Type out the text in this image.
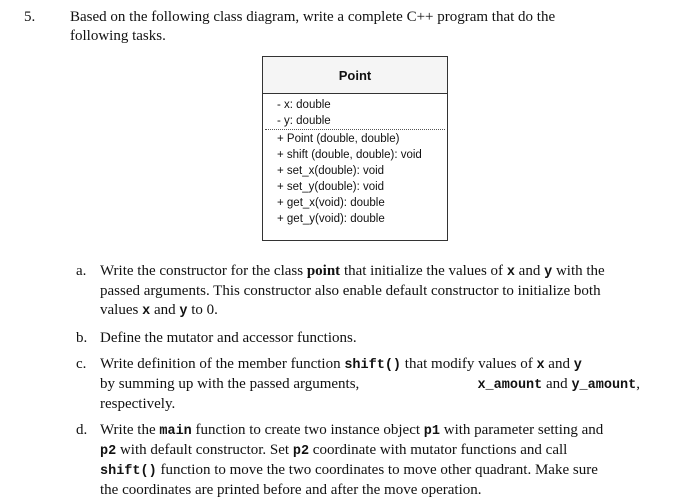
5. Based on the following class diagram, write a complete C++ program that do the
following tasks.
Point
- x: double
- y: double
+ Point (double, double)
+ shift (double, double): void
+ set_x(double): void
+ set_y(double): void
+ get_x(void): double
+ get_y(void): double
a. Write the constructor for the class point that initialize the values of x and y with the
passed arguments. This constructor also enable default constructor to initialize both
values x and y to 0.
b. Define the mutator and accessor functions.
c. Write definition of the member function shift() that modify values of x and y
by summing up with the passed arguments,	x_amount and y_amount,
respectively.
d. Write the main function to create two instance object p1 with parameter setting and
p2 with default constructor. Set p2 coordinate with mutator functions and call
shift() function to move the two coordinates to move other quadrant. Make sure
the coordinates are printed before and after the move operation.
